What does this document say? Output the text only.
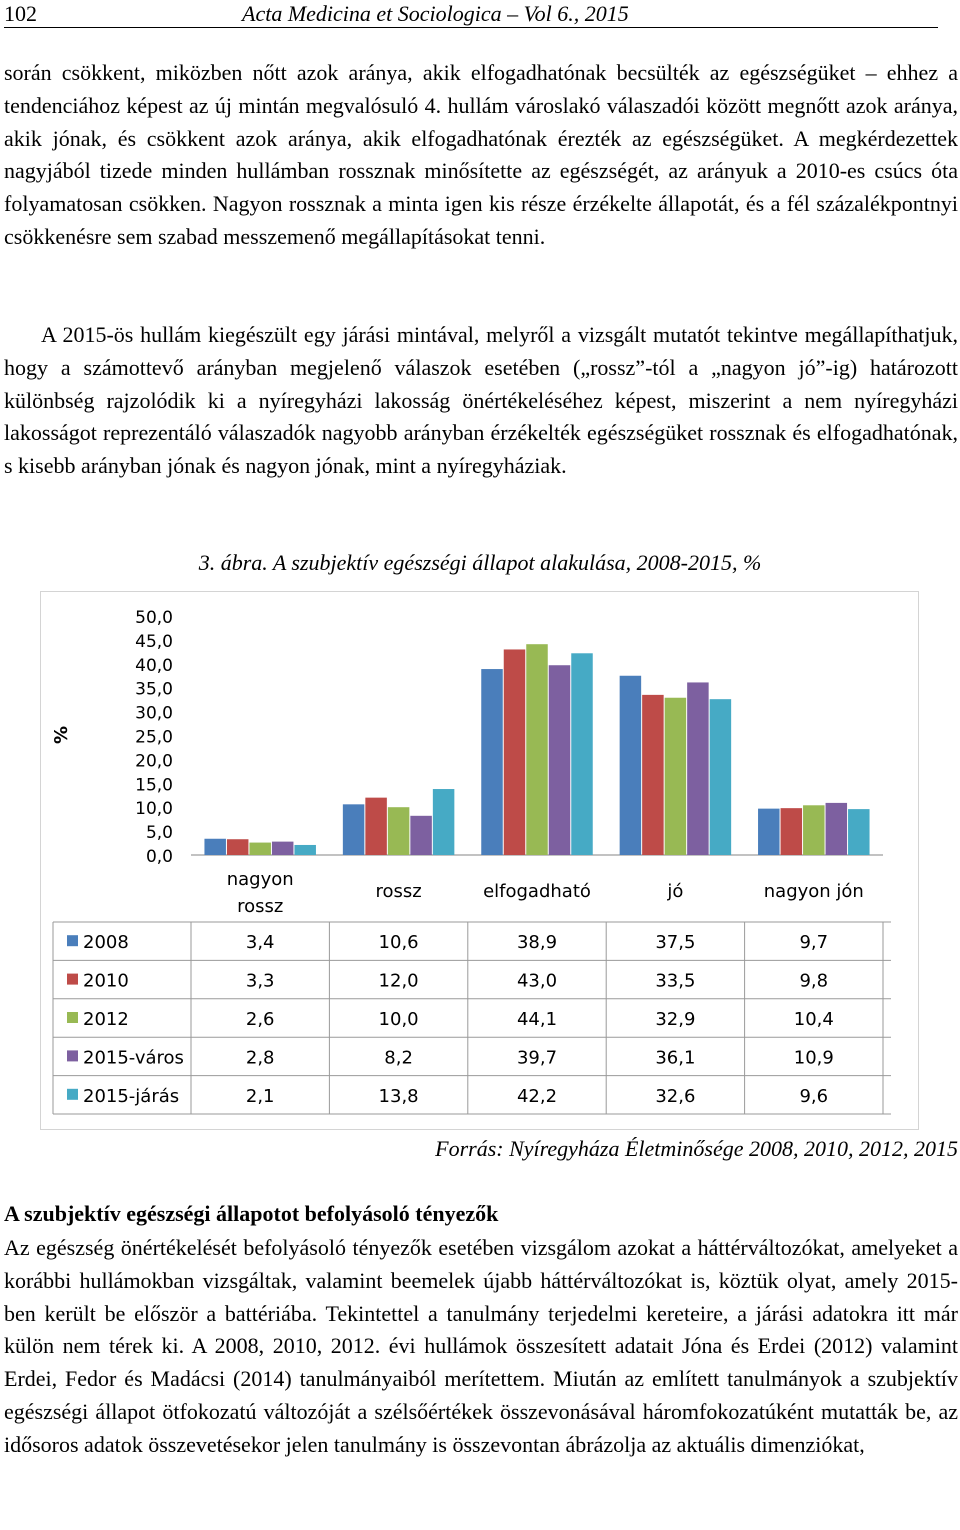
102	Acta Medicina et Sociologica – Vol 6., 2015

során csökkent, miközben nőtt azok aránya, akik elfogadhatónak becsülték az egészségüket – ehhez a tendenciához képest az új mintán megvalósuló 4. hullám városlakó válaszadói között megnőtt azok aránya, akik jónak, és csökkent azok aránya, akik elfogadhatónak érezték az egészségüket. A megkérdezettek nagyjából tizede minden hullámban rossznak minősítette az egészségét, az arányuk a 2010-es csúcs óta folyamatosan csökken. Nagyon rossznak a minta igen kis része érzékelte állapotát, és a fél százalékpontnyi csökkenésre sem szabad messzemenő megállapításokat tenni.

A 2015-ös hullám kiegészült egy járási mintával, melyről a vizsgált mutatót tekintve megállapíthatjuk, hogy a számottevő arányban megjelenő válaszok esetében („rossz”-tól a „nagyon jó”-ig) határozott különbség rajzolódik ki a nyíregyházi lakosság önértékeléséhez képest, miszerint a nem nyíregyházi lakosságot reprezentáló válaszadók nagyobb arányban érzékelték egészségüket rossznak és elfogadhatónak, s kisebb arányban jónak és nagyon jónak, mint a nyíregyháziak.

3. ábra. A szubjektív egészségi állapot alakulása, 2008-2015, %
0,0
5,0
10,0
15,0
20,0
25,0
30,0
35,0
40,0
45,0
50,0
%
nagyon
rossz
rossz	elfogadható	jó	nagyon jón
2008	3,4	10,6	38,9	37,5	9,7
2010	3,3	12,0	43,0	33,5	9,8
2012	2,6	10,0	44,1	32,9	10,4
2015-város	2,8	8,2	39,7	36,1	10,9
2015-járás	2,1	13,8	42,2	32,6	9,6
Forrás: Nyíregyháza Életminősége 2008, 2010, 2012, 2015
A szubjektív egészségi állapotot befolyásoló tényezők

Az egészség önértékelését befolyásoló tényezők esetében vizsgálom azokat a háttérváltozókat, amelyeket a korábbi hullámokban vizsgáltak, valamint beemelek újabb háttérváltozókat is, köztük olyat, amely 2015-ben került be először a battériába. Tekintettel a tanulmány terjedelmi kereteire, a járási adatokra itt már külön nem térek ki. A 2008, 2010, 2012. évi hullámok összesített adatait Jóna és Erdei (2012) valamint Erdei, Fedor és Madácsi (2014) tanulmányaiból merítettem. Miután az említett tanulmányok a szubjektív egészségi állapot ötfokozatú változóját a szélsőértékek összevonásával háromfokozatúként mutatták be, az idősoros adatok összevetésekor jelen tanulmány is összevontan ábrázolja az aktuális dimenziókat,
